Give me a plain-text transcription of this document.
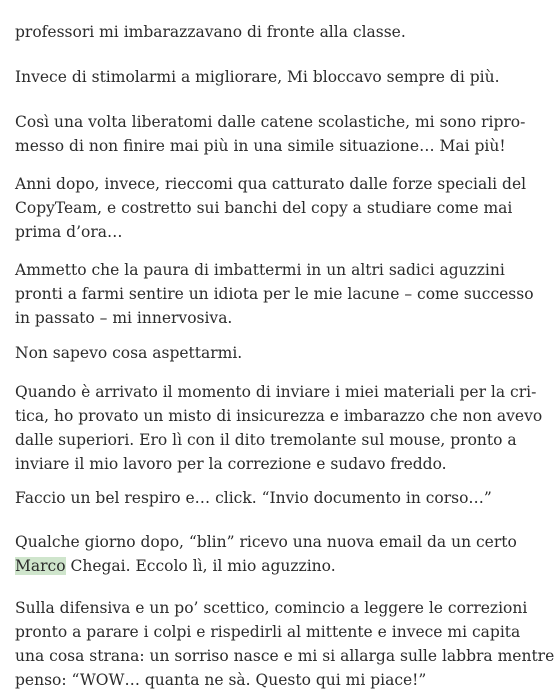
professori mi imbarazzavano di fronte alla classe.

Invece di stimolarmi a migliorare, Mi bloccavo sempre di più.

Così una volta liberatomi dalle catene scolastiche, mi sono ripro-
messo di non finire mai più in una simile situazione… Mai più!

Anni dopo, invece, rieccomi qua catturato dalle forze speciali del
CopyTeam, e costretto sui banchi del copy a studiare come mai
prima d’ora…

Ammetto che la paura di imbattermi in un altri sadici aguzzini
pronti a farmi sentire un idiota per le mie lacune – come successo
in passato – mi innervosiva.

Non sapevo cosa aspettarmi.

Quando è arrivato il momento di inviare i miei materiali per la cri-
tica, ho provato un misto di insicurezza e imbarazzo che non avevo
dalle superiori. Ero lì con il dito tremolante sul mouse, pronto a
inviare il mio lavoro per la correzione e sudavo freddo.

Faccio un bel respiro e… click. “Invio documento in corso…”

Qualche giorno dopo, “blin” ricevo una nuova email da un certo
Marco Chegai. Eccolo lì, il mio aguzzino.

Sulla difensiva e un po’ scettico, comincio a leggere le correzioni
pronto a parare i colpi e rispedirli al mittente e invece mi capita
una cosa strana: un sorriso nasce e mi si allarga sulle labbra mentre
penso: “WOW… quanta ne sà. Questo qui mi piace!”
